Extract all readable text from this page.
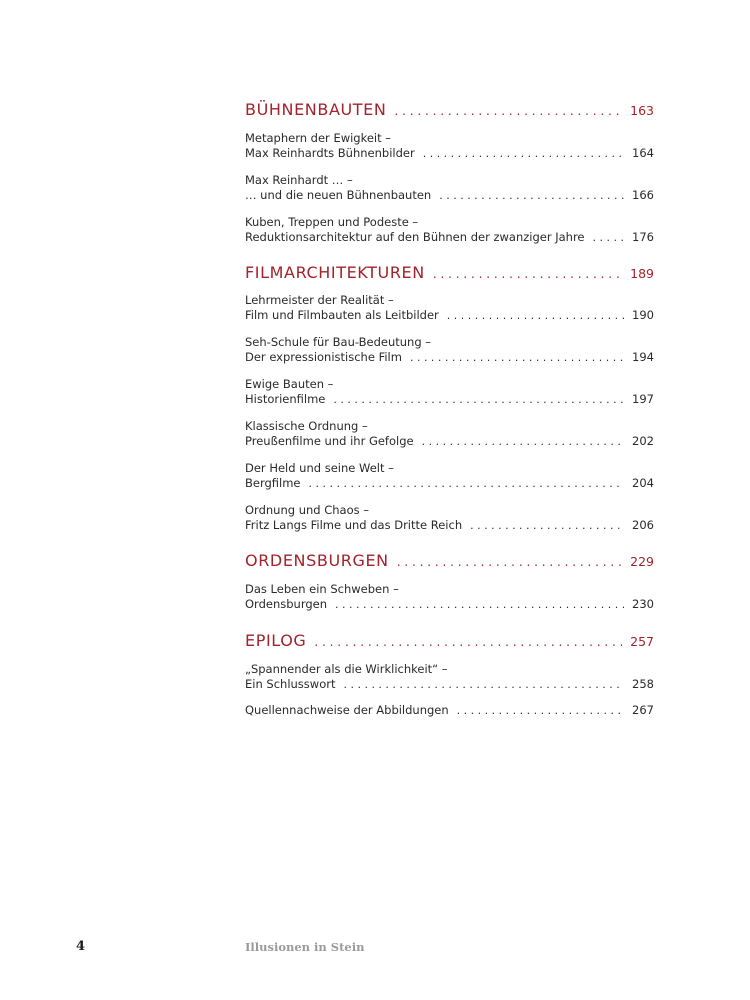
BÜHNENBAUTEN . . .	163
Metaphern der Ewigkeit –
Max Reinhardts Bühnenbilder . . .	164
Max Reinhardt … –
… und die neuen Bühnenbauten . . .	166
Kuben, Treppen und Podeste –
Reduktionsarchitektur auf den Bühnen der zwanziger Jahre . . .	176
FILMARCHITEKTUREN . . .	189
Lehrmeister der Realität –
Film und Filmbauten als Leitbilder . . .	190
Seh-Schule für Bau-Bedeutung –
Der expressionistische Film . . .	194
Ewige Bauten –
Historienfilme . . .	197
Klassische Ordnung –
Preußenfilme und ihr Gefolge . . .	202
Der Held und seine Welt –
Bergfilme . . .	204
Ordnung und Chaos –
Fritz Langs Filme und das Dritte Reich . . .	206
ORDENSBURGEN . . .	229
Das Leben ein Schweben –
Ordensburgen . . .	230
EPILOG . . .	257
„Spannender als die Wirklichkeit“ –
Ein Schlusswort . . .	258
Quellennachweise der Abbildungen . . .	267
4	Illusionen in Stein
